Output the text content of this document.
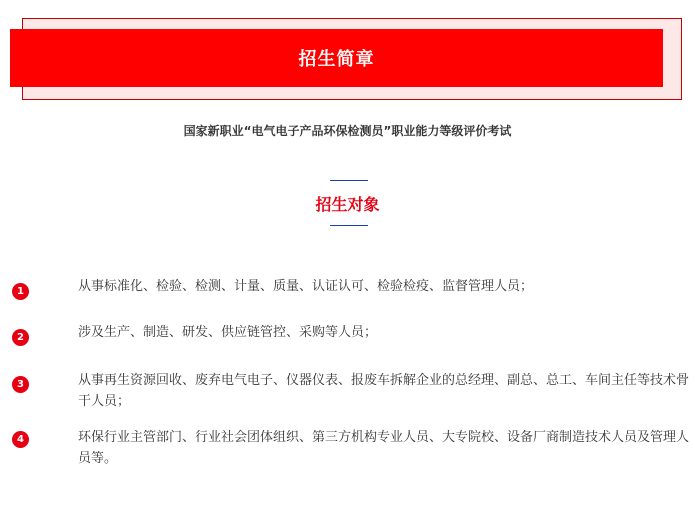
招生简章
国家新职业“电气电子产品环保检测员”职业能力等级评价考试
招生对象
1	从事标准化、检验、检测、计量、质量、认证认可、检验检疫、监督管理人员；
2	涉及生产、制造、研发、供应链管控、采购等人员；
3	从事再生资源回收、废弃电气电子、仪器仪表、报废车拆解企业的总经理、副总、总工、车间主任等技术骨干人员；
4	环保行业主管部门、行业社会团体组织、第三方机构专业人员、大专院校、设备厂商制造技术人员及管理人员等。
